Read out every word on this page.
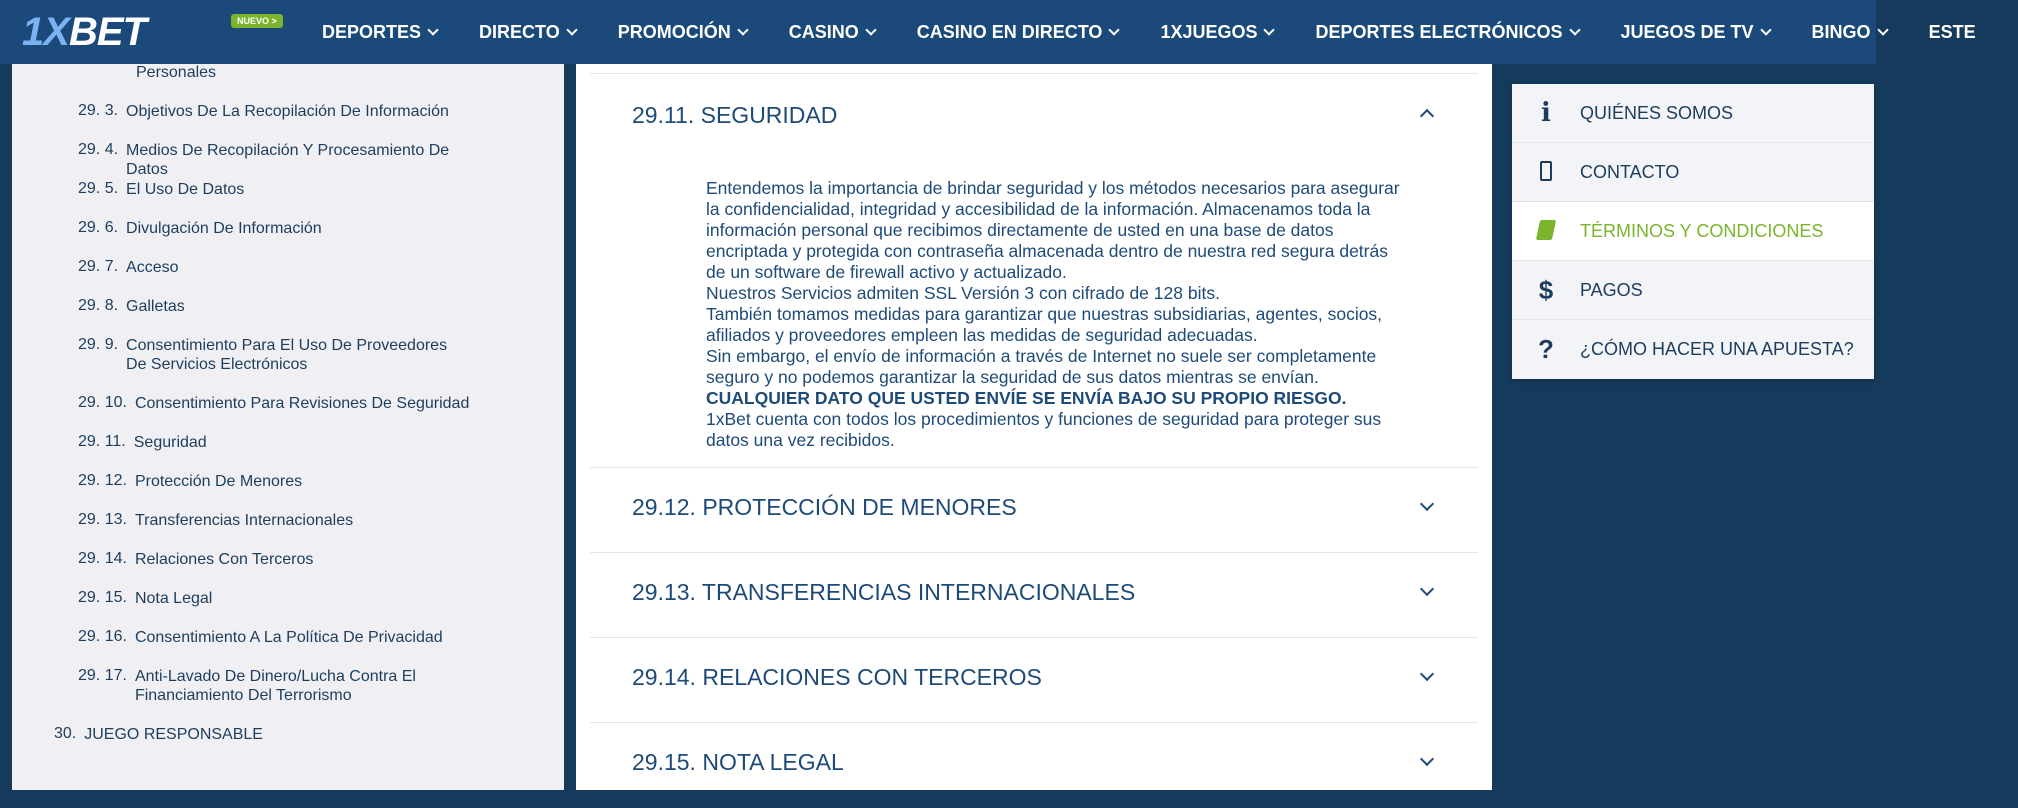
1XBET	NUEVO >
DEPORTES	DIRECTO	PROMOCIÓN	CASINO	CASINO EN DIRECTO	1XJUEGOS	DEPORTES ELECTRÓNICOS	JUEGOS DE TV	BINGO	ESTE
Personales
29. 3. Objetivos De La Recopilación De Información
29. 4. Medios De Recopilación Y Procesamiento De Datos
29. 5. El Uso De Datos
29. 6. Divulgación De Información
29. 7. Acceso
29. 8. Galletas
29. 9. Consentimiento Para El Uso De Proveedores De Servicios Electrónicos
29. 10. Consentimiento Para Revisiones De Seguridad
29. 11. Seguridad
29. 12. Protección De Menores
29. 13. Transferencias Internacionales
29. 14. Relaciones Con Terceros
29. 15. Nota Legal
29. 16. Consentimiento A La Política De Privacidad
29. 17. Anti-Lavado De Dinero/Lucha Contra El Financiamiento Del Terrorismo
30. JUEGO RESPONSABLE
29.11. SEGURIDAD

Entendemos la importancia de brindar seguridad y los métodos necesarios para asegurar la confidencialidad, integridad y accesibilidad de la información. Almacenamos toda la información personal que recibimos directamente de usted en una base de datos encriptada y protegida con contraseña almacenada dentro de nuestra red segura detrás de un software de firewall activo y actualizado.

Nuestros Servicios admiten SSL Versión 3 con cifrado de 128 bits.

También tomamos medidas para garantizar que nuestras subsidiarias, agentes, socios, afiliados y proveedores empleen las medidas de seguridad adecuadas.

Sin embargo, el envío de información a través de Internet no suele ser completamente seguro y no podemos garantizar la seguridad de sus datos mientras se envían.

CUALQUIER DATO QUE USTED ENVÍE SE ENVÍA BAJO SU PROPIO RIESGO.

1xBet cuenta con todos los procedimientos y funciones de seguridad para proteger sus datos una vez recibidos.

29.12. PROTECCIÓN DE MENORES
29.13. TRANSFERENCIAS INTERNACIONALES
29.14. RELACIONES CON TERCEROS
29.15. NOTA LEGAL
i	QUIÉNES SOMOS
CONTACTO
TÉRMINOS Y CONDICIONES
$ PAGOS
? ¿CÓMO HACER UNA APUESTA?
